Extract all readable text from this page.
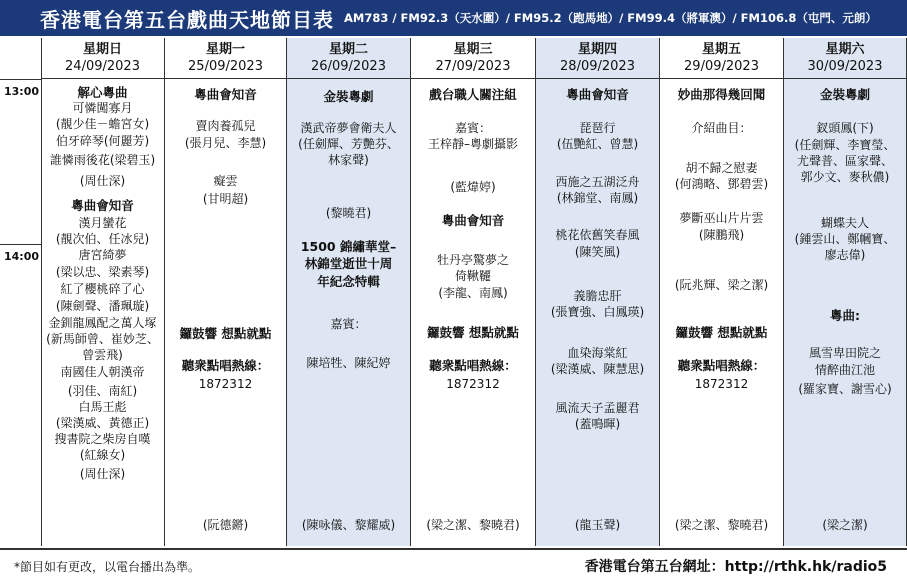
香港電台第五台戲曲天地節目表 AM783 / FM92.3（天水圍）/ FM95.2（跑馬地）/ FM99.4（將軍澳）/ FM106.8（屯門、元朗）
13:00
14:00
星期日
24/09/2023
解心粵曲
可憐闖寡月
(靚少佳－蟾宮女)
伯牙碎琴(何麗芳)
誰憐雨後花(梁碧玉)
(周仕深)
粵曲會知音
漢月蠻花
(靚次伯、任冰兒)
唐宮綺夢
(梁以忠、梁素琴)
紅了櫻桃碎了心
(陳劍聲、潘珮璇)
金釧龍鳳配之萬人塚
(新馬師曾、崔妙芝、
曾雲飛)
南國佳人朝漢帝
(羽佳、南紅)
白馬王彪
(梁漢威、黃德正)
搜書院之柴房自嘆
(紅線女)
(周仕深)
星期一
25/09/2023
粵曲會知音
賣肉養孤兒
(張月兒、李慧)
癡雲
(甘明超)
鑼鼓響 想點就點
聽衆點唱熱線：
1872312
(阮德鏘)
星期二
26/09/2023
金裝粵劇
漢武帝夢會衛夫人
(任劍輝、芳艷芬、
林家聲)
(黎曉君)
1500 錦繡華堂–
林錦堂逝世十周
年紀念特輯
嘉賓：
陳培牲、陳紀婷
(陳咏儀、黎耀威)
星期三
27/09/2023
戲台職人關注組
嘉賓：
王梓靜–粵劇攝影
(藍煒婷)
粵曲會知音
牡丹亭驚夢之
倚鞦韆
(李龍、南鳳)
鑼鼓響 想點就點
聽衆點唱熱線：
1872312
(梁之潔、黎曉君)
星期四
28/09/2023
粵曲會知音
琵琶行
(伍艷紅、曾慧)
西施之五湖泛舟
(林錦堂、南鳳)
桃花依舊笑春風
(陳笑風)
義膽忠肝
(張寶強、白鳳瑛)
血染海棠紅
(梁漢威、陳慧思)
風流天子孟麗君
(蓋鳴暉)
(龍玉聲)
星期五
29/09/2023
妙曲那得幾回聞
介紹曲目：
胡不歸之慰妻
(何鴻略、鄧碧雲)
夢斷巫山片片雲
(陳鵬飛)
(阮兆輝、梁之潔)
鑼鼓響 想點就點
聽衆點唱熱線：
1872312
(梁之潔、黎曉君)
星期六
30/09/2023
金裝粵劇
釵頭鳳(下)
(任劍輝、李寶瑩、
尤聲普、區家聲、
郭少文、麥秋儂)
蝴蝶夫人
(鍾雲山、鄭幗寶、
廖志偉)
粵曲:
風雪卑田院之
情醉曲江池
(羅家寶、謝雪心)
(梁之潔)
*節目如有更改，以電台播出為準。	香港電台第五台網址：http://rthk.hk/radio5
